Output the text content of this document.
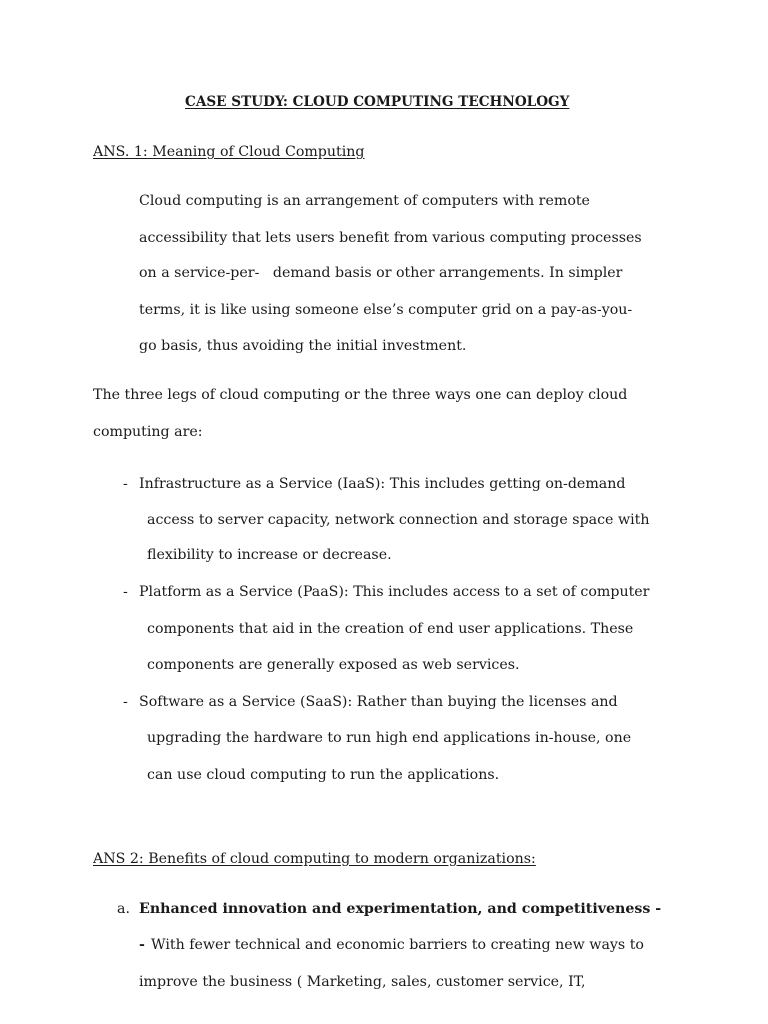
CASE STUDY: CLOUD COMPUTING TECHNOLOGY
ANS. 1: Meaning of Cloud Computing
Cloud computing is an arrangement of computers with remote
accessibility that lets users benefit from various computing processes
on a service-per-   demand basis or other arrangements. In simpler
terms, it is like using someone else’s computer grid on a pay-as-you-
go basis, thus avoiding the initial investment.
The three legs of cloud computing or the three ways one can deploy cloud
computing are:
- Infrastructure as a Service (IaaS): This includes getting on-demand
access to server capacity, network connection and storage space with
flexibility to increase or decrease.
- Platform as a Service (PaaS): This includes access to a set of computer
components that aid in the creation of end user applications. These
components are generally exposed as web services.
- Software as a Service (SaaS): Rather than buying the licenses and
upgrading the hardware to run high end applications in-house, one
can use cloud computing to run the applications.
ANS 2: Benefits of cloud computing to modern organizations:
a. Enhanced innovation and experimentation, and competitiveness -
- With fewer technical and economic barriers to creating new ways to
improve the business ( Marketing, sales, customer service, IT,
